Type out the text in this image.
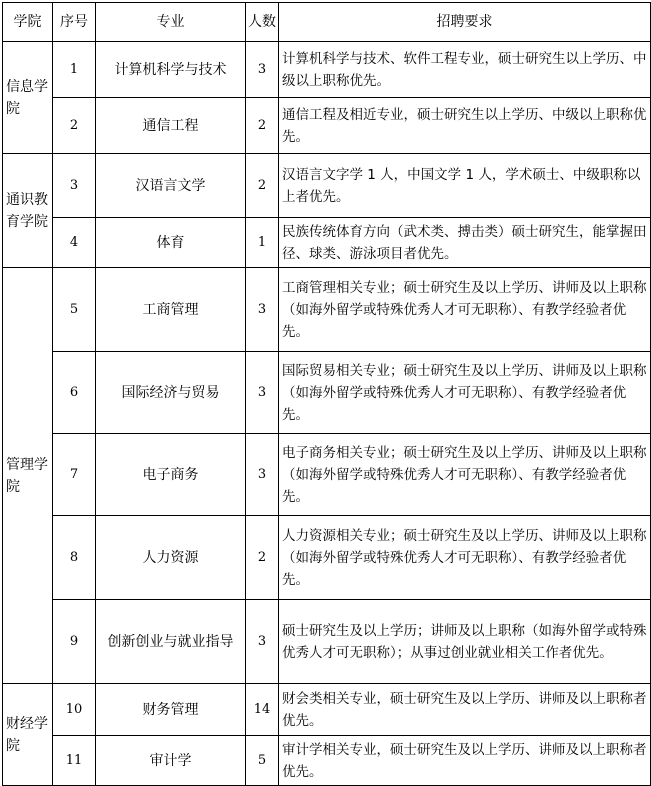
学院	序号	专业	人数	招聘要求
信息学院	1	计算机科学与技术	3	计算机科学与技术、软件工程专业，硕士研究生以上学历、中级以上职称优先。
	2	通信工程	2	通信工程及相近专业，硕士研究生以上学历、中级以上职称优先。
通识教育学院	3	汉语言文学	2	汉语言文字学 1 人，中国文学 1 人，学术硕士、中级职称以上者优先。
	4	体育	1	民族传统体育方向（武术类、搏击类）硕士研究生，能掌握田径、球类、游泳项目者优先。
管理学院	5	工商管理	3	工商管理相关专业；硕士研究生及以上学历、讲师及以上职称（如海外留学或特殊优秀人才可无职称）、有教学经验者优先。
	6	国际经济与贸易	3	国际贸易相关专业；硕士研究生及以上学历、讲师及以上职称（如海外留学或特殊优秀人才可无职称）、有教学经验者优先。
	7	电子商务	3	电子商务相关专业；硕士研究生及以上学历、讲师及以上职称（如海外留学或特殊优秀人才可无职称）、有教学经验者优先。
	8	人力资源	2	人力资源相关专业；硕士研究生及以上学历、讲师及以上职称（如海外留学或特殊优秀人才可无职称）、有教学经验者优先。
	9	创新创业与就业指导	3	硕士研究生及以上学历；讲师及以上职称（如海外留学或特殊优秀人才可无职称）；从事过创业就业相关工作者优先。
财经学院	10	财务管理	14	财会类相关专业，硕士研究生及以上学历、讲师及以上职称者优先。
	11	审计学	5	审计学相关专业，硕士研究生及以上学历、讲师及以上职称者优先。
